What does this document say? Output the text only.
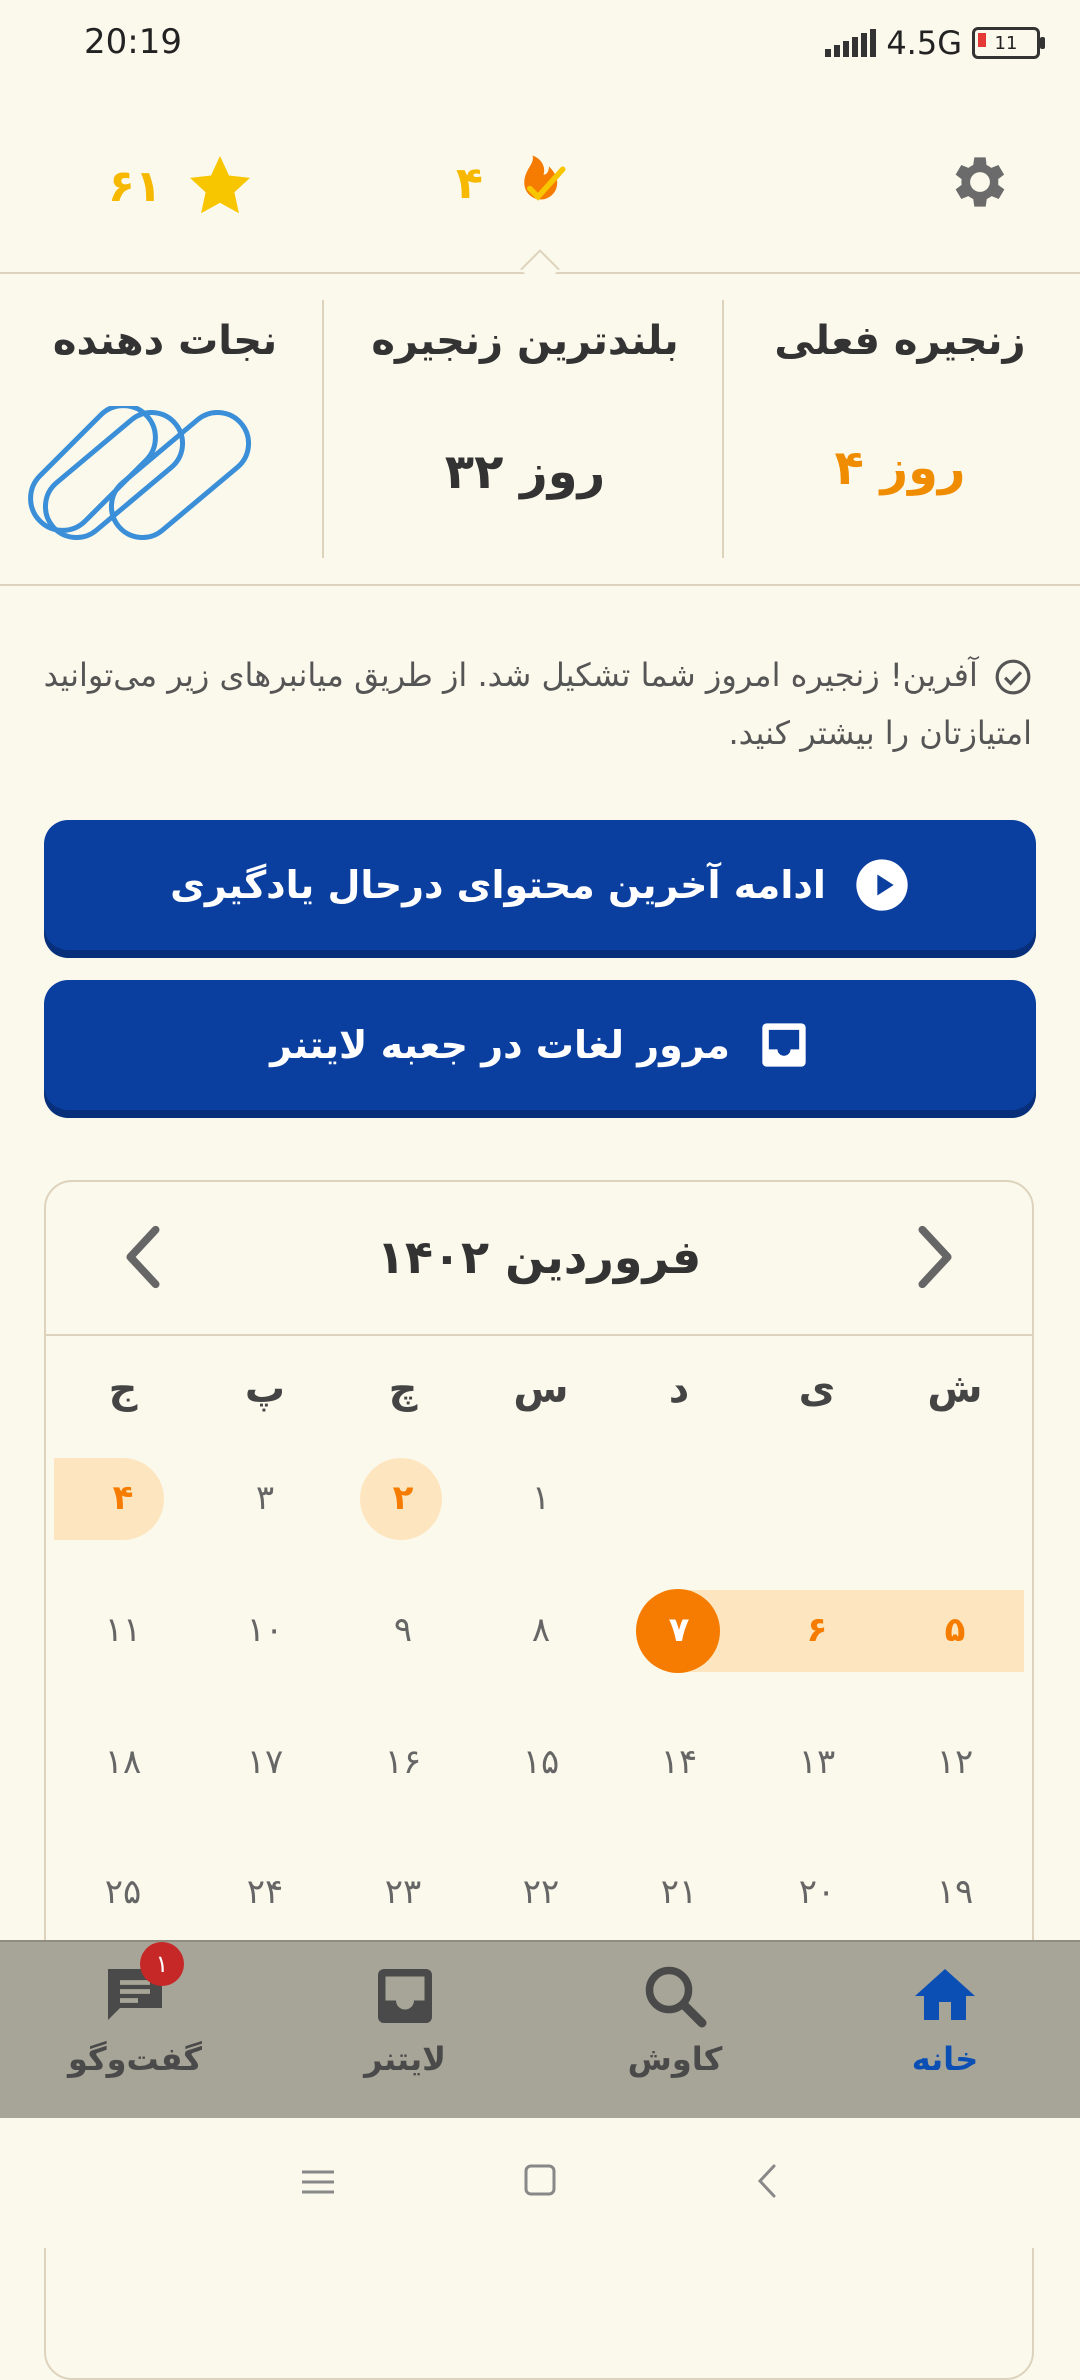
20:19	4.5G 11
۶۱	۴
زنجیره فعلی
۴ روز
بلندترین زنجیره
۳۲ روز
نجات دهنده
آفرین! زنجیره امروز شما تشکیل شد. از طریق میانبرهای زیر می‌توانید امتیازتان را بیشتر کنید.
ادامه آخرین محتوای درحال یادگیری
مرور لغات در جعبه لایتنر
فروردین ۱۴۰۲
ش
ی
د
س
چ
پ
ج
۱
۲
۳
۴
۵
۶
۷
۸
۹
۱۰
۱۱
۱۲
۱۳
۱۴
۱۵
۱۶
۱۷
۱۸
۱۹
۲۰
۲۱
۲۲
۲۳
۲۴
۲۵
خانه
کاوش
لایتنر
گفت‌وگو
۱
